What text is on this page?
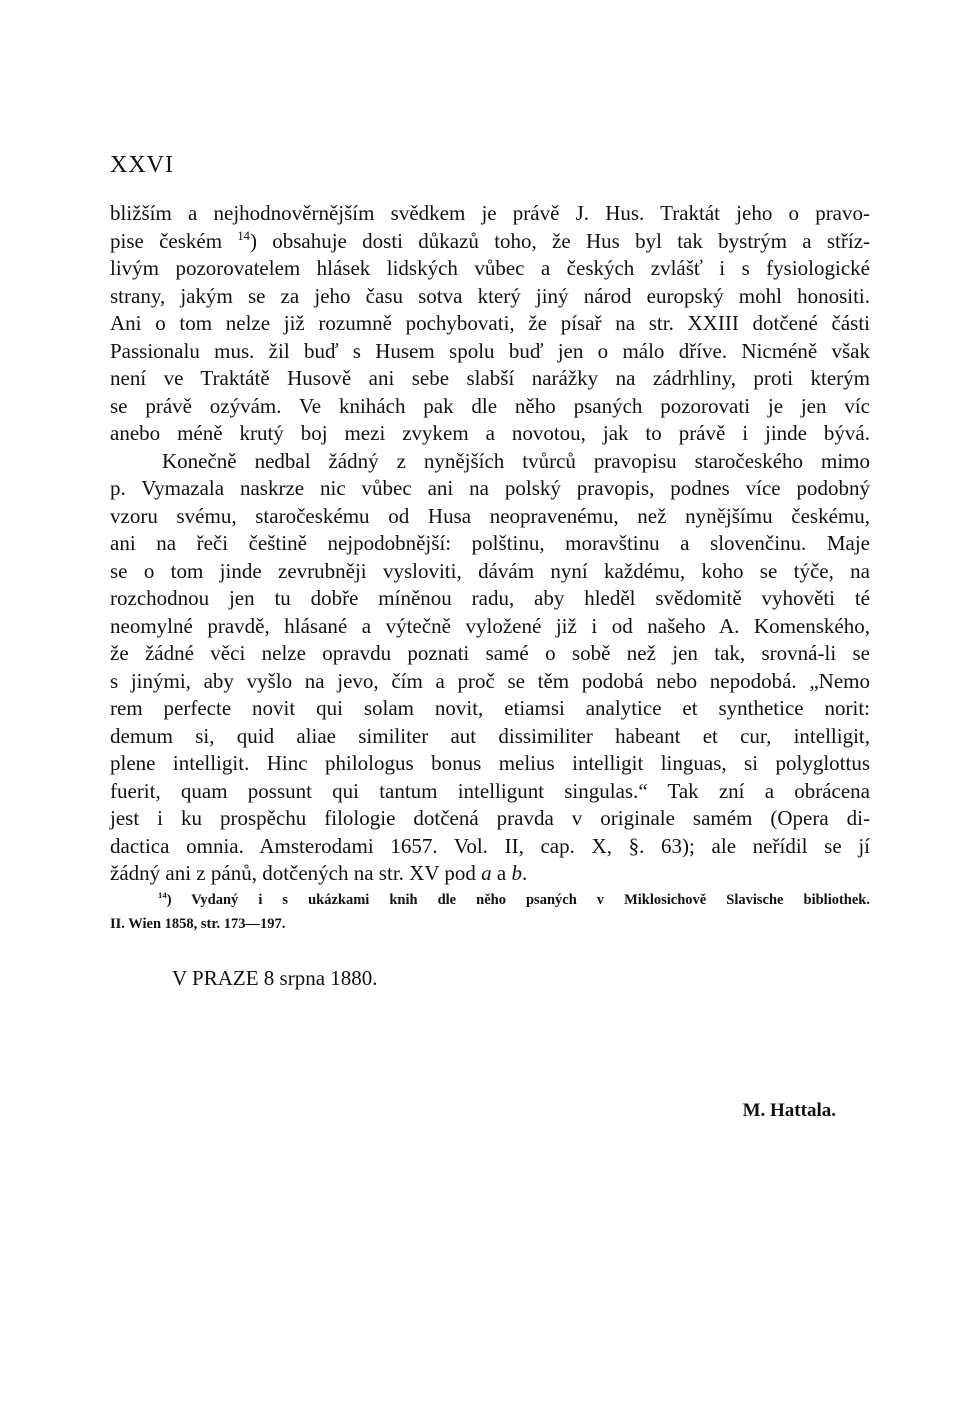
XXVI
bližším a nejhodnověrnějším svědkem je právě J. Hus. Traktát jeho o pravo-
pise českém $^{14}$) obsahuje dosti důkazů toho, že Hus byl tak bystrým a stříz-
livým pozorovatelem hlásek lidských vůbec a českých zvlášť i s fysiologické
strany, jakým se za jeho času sotva který jiný národ europský mohl honositi.
Ani o tom nelze již rozumně pochybovati, že písař na str. XXIII dotčené části
Passionalu mus. žil buď s Husem spolu buď jen o málo dříve. Nicméně však
není ve Traktátě Husově ani sebe slabší narážky na zádrhliny, proti kterým
se právě ozývám. Ve knihách pak dle něho psaných pozorovati je jen víc
anebo méně krutý boj mezi zvykem a novotou, jak to právě i jinde bývá.
Konečně nedbal žádný z nynějších tvůrců pravopisu staročeského mimo
p. Vymazala naskrze nic vůbec ani na polský pravopis, podnes více podobný
vzoru svému, staročeskému od Husa neopravenému, než nynějšímu českému,
ani na řeči češtině nejpodobnější: polštinu, moravštinu a slovenčinu. Maje
se o tom jinde zevrubněji vysloviti, dávám nyní každému, koho se týče, na
rozchodnou jen tu dobře míněnou radu, aby hleděl svědomitě vyhověti té
neomylné pravdě, hlásané a výtečně vyložené již i od našeho A. Komenského,
že žádné věci nelze opravdu poznati samé o sobě než jen tak, srovná-li se
s jinými, aby vyšlo na jevo, čím a proč se těm podobá nebo nepodobá. „Nemo
rem perfecte novit qui solam novit, etiamsi analytice et synthetice norit:
demum si, quid aliae similiter aut dissimiliter habeant et cur, intelligit,
plene intelligit. Hinc philologus bonus melius intelligit linguas, si polyglottus
fuerit, quam possunt qui tantum intelligunt singulas.“ Tak zní a obrácena
jest i ku prospěchu filologie dotčená pravda v originale samém (Opera di-
dactica omnia. Amsterodami 1657. Vol. II, cap. X, §. 63); ale neřídil se jí
žádný ani z pánů, dotčených na str. XV pod a a b.
$^{14}$) Vydaný i s ukázkami knih dle něho psaných v Miklosichově Slavische bibliothek.
II. Wien 1858, str. 173—197.
V PRAZE 8 srpna 1880.
M. Hattala.
